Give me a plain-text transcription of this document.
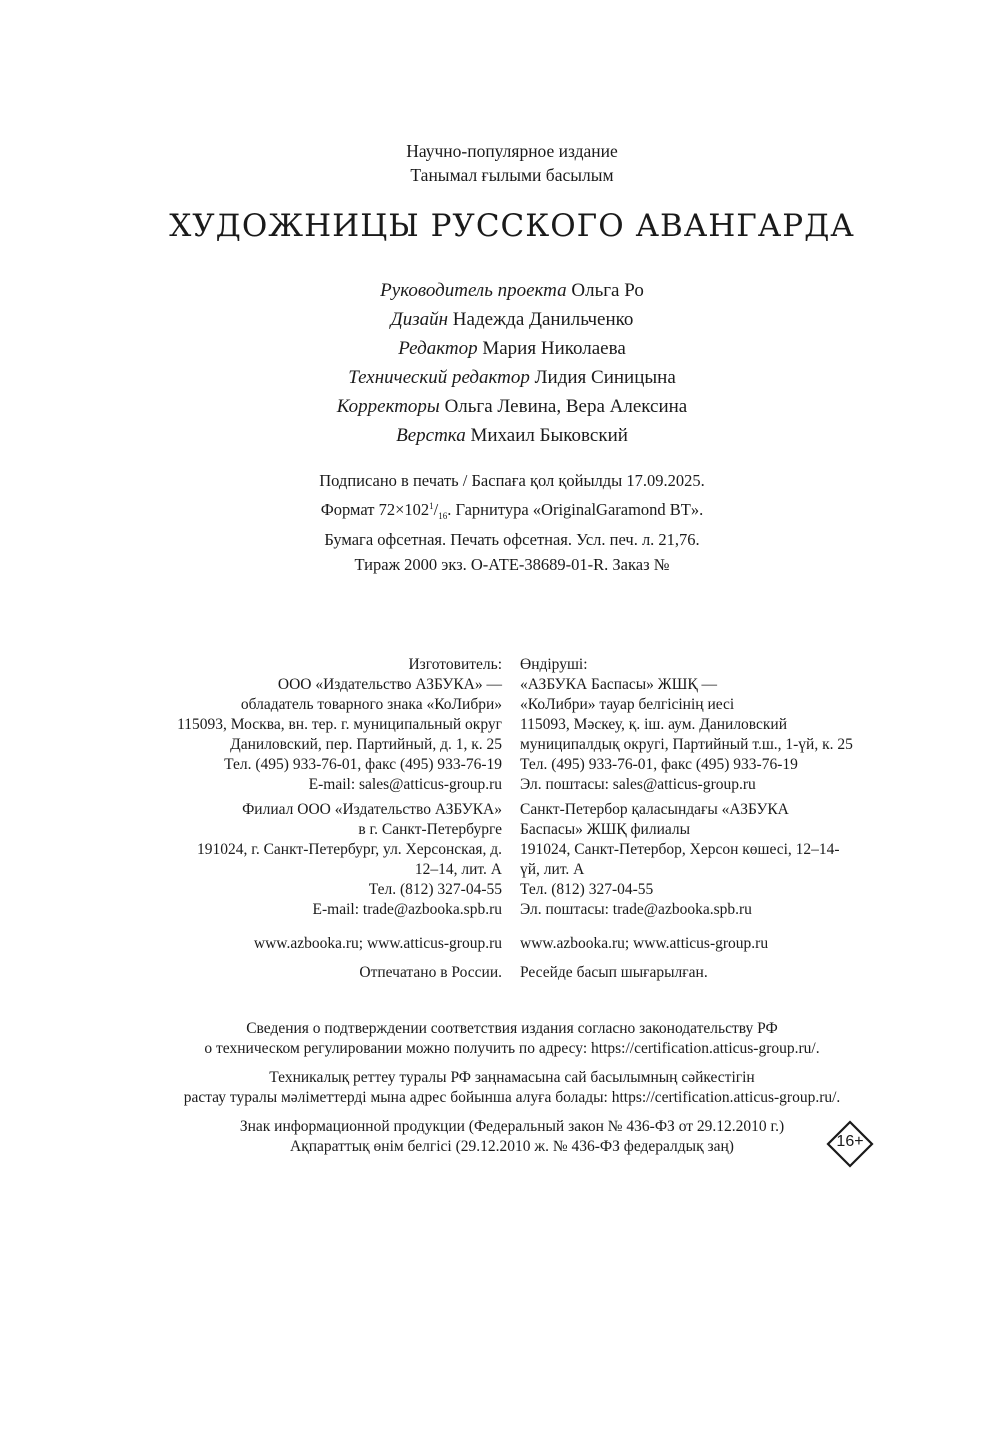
Научно-популярное издание
Танымал ғылыми басылым
ХУДОЖНИЦЫ РУССКОГО АВАНГАРДА
Руководитель проекта Ольга Ро
Дизайн Надежда Данильченко
Редактор Мария Николаева
Технический редактор Лидия Синицына
Корректоры Ольга Левина, Вера Алексина
Верстка Михаил Быковский
Подписано в печать / Баспаға қол қойылды 17.09.2025.
Формат $72\times 102^1/_{16}$. Гарнитура «OriginalGaramond BT».
Бумага офсетная. Печать офсетная. Усл. печ. л. 21,76.
Тираж 2000 экз. О-АТЕ-38689-01-R. Заказ №
Изготовитель:
ООО «Издательство АЗБУКА» —
обладатель товарного знака «КоЛибри»
115093, Москва, вн. тер. г. муниципальный округ
Даниловский, пер. Партийный, д. 1, к. 25
Тел. (495) 933-76-01, факс (495) 933-76-19
E-mail: sales@atticus-group.ru
Өндіруші:
«АЗБУКА Баспасы» ЖШҚ —
«КоЛибри» тауар белгісінің иесі
115093, Мәскеу, қ. іш. аум. Даниловский
муниципалдық округі, Партийный т.ш., 1-үй, к. 25
Тел. (495) 933-76-01, факс (495) 933-76-19
Эл. поштасы: sales@atticus-group.ru
Филиал ООО «Издательство АЗБУКА»
в г. Санкт-Петербурге
191024, г. Санкт-Петербург, ул. Херсонская, д.
12–14, лит. А
Тел. (812) 327-04-55
E-mail: trade@azbooka.spb.ru
Санкт-Петербор қаласындағы «АЗБУКА
Баспасы» ЖШҚ филиалы
191024, Санкт-Петербор, Херсон көшесі, 12–14-
үй, лит. А
Тел. (812) 327-04-55
Эл. поштасы: trade@azbooka.spb.ru
www.azbooka.ru; www.atticus-group.ru www.azbooka.ru; www.atticus-group.ru
Отпечатано в России. Ресейде басып шығарылған.

Сведения о подтверждении соответствия издания согласно законодательству РФ
о техническом регулировании можно получить по адресу: https://certification.atticus-group.ru/.

Техникалық реттеу туралы РФ заңнамасына сай басылымның сәйкестігін
растау туралы мәліметтерді мына адрес бойынша алуға болады: https://certification.atticus-group.ru/.

Знак информационной продукции (Федеральный закон № 436-ФЗ от 29.12.2010 г.)
Ақпараттық өнім белгісі (29.12.2010 ж. № 436-ФЗ федералдық заң)	16+
